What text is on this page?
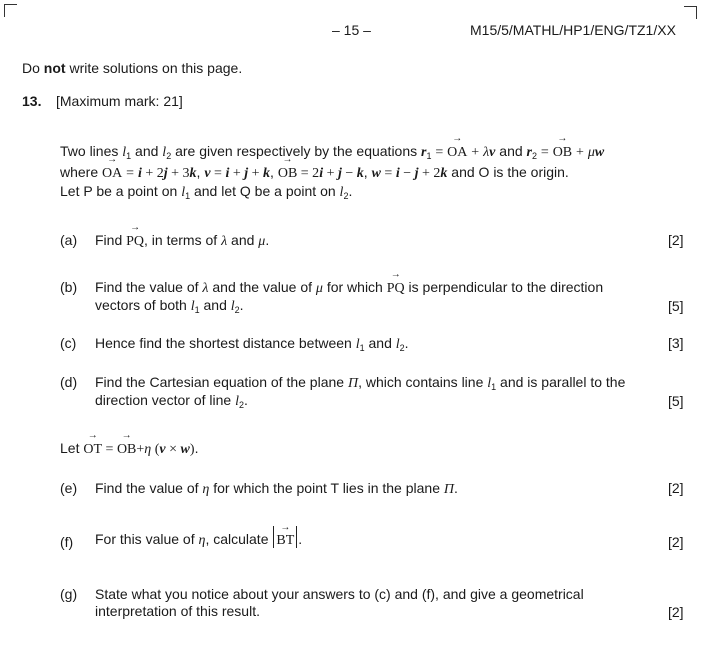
– 15 –	M15/5/MATHL/HP1/ENG/TZ1/XX
Do not write solutions on this page.
13. [Maximum mark: 21]
Two lines $l_1$ and $l_2$ are given respectively by the equations $r_1$ = → OA + λv and $r_2$ = → OB + μw
where → OA = i + 2j + 3k, v = i + j + k, → OB = 2i + j − k, w = i − j + 2k and O is the origin.
Let P be a point on $l_1$ and let Q be a point on $l_2$.
(a) Find → PQ, in terms of λ and μ.	[2]
(b) Find the value of λ and the value of μ for which → PQ is perpendicular to the direction
vectors of both $l_1$ and $l_2$.	[5]
(c) Hence find the shortest distance between $l_1$ and $l_2$.	[3]
(d) Find the Cartesian equation of the plane Π, which contains line $l_1$ and is parallel to the
direction vector of line $l_2$.	[5]
Let → OT = → OB+η (v × w).
(e) Find the value of η for which the point T lies in the plane Π.	[2]
(f) For this value of η, calculate → BT .	[2]
(g) State what you notice about your answers to (c) and (f), and give a geometrical
interpretation of this result.	[2]
